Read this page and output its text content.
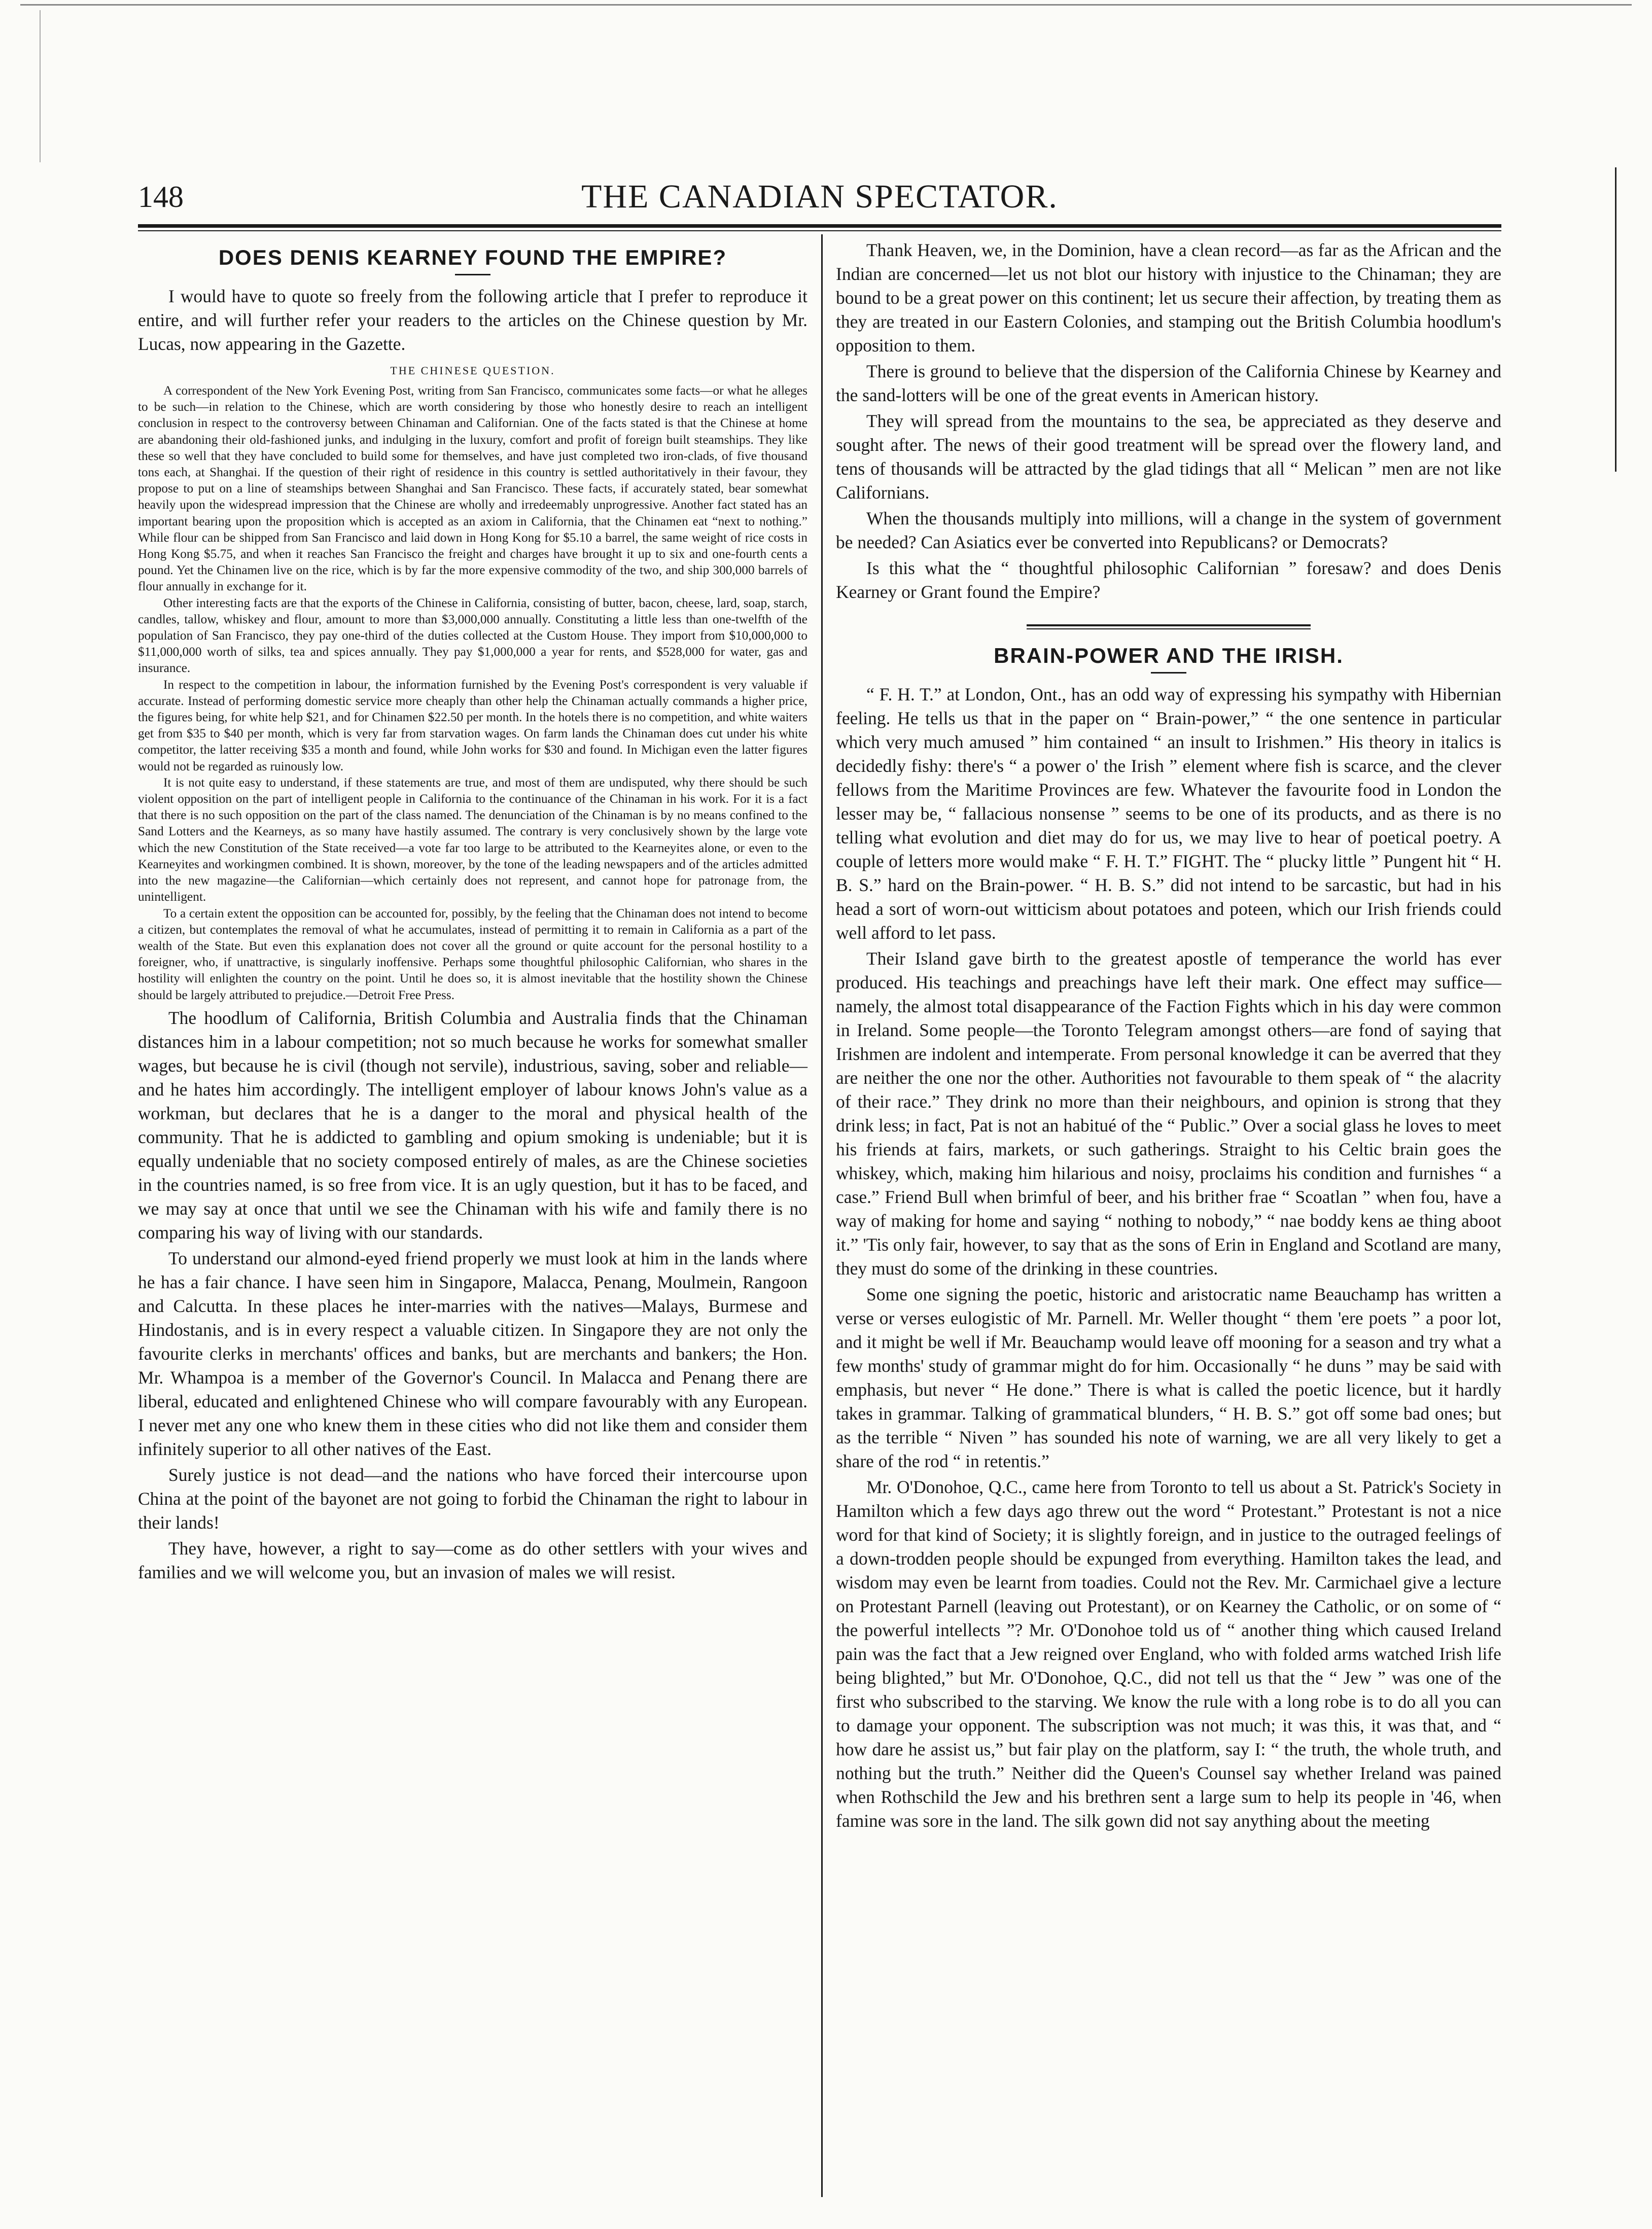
148	THE CANADIAN SPECTATOR.
DOES DENIS KEARNEY FOUND THE EMPIRE?

I would have to quote so freely from the following article that I prefer to reproduce it entire, and will further refer your readers to the articles on the Chinese question by Mr. Lucas, now appearing in the Gazette.

THE CHINESE QUESTION.

A correspondent of the New York Evening Post, writing from San Francisco, communicates some facts—or what he alleges to be such—in relation to the Chinese, which are worth considering by those who honestly desire to reach an intelligent conclusion in respect to the controversy between Chinaman and Californian. One of the facts stated is that the Chinese at home are abandoning their old-fashioned junks, and indulging in the luxury, comfort and profit of foreign built steamships. They like these so well that they have concluded to build some for themselves, and have just completed two iron-clads, of five thousand tons each, at Shanghai. If the question of their right of residence in this country is settled authoritatively in their favour, they propose to put on a line of steamships between Shanghai and San Francisco. These facts, if accurately stated, bear somewhat heavily upon the widespread impression that the Chinese are wholly and irredeemably unprogressive. Another fact stated has an important bearing upon the proposition which is accepted as an axiom in California, that the Chinamen eat “next to nothing.” While flour can be shipped from San Francisco and laid down in Hong Kong for $5.10 a barrel, the same weight of rice costs in Hong Kong $5.75, and when it reaches San Francisco the freight and charges have brought it up to six and one-fourth cents a pound. Yet the Chinamen live on the rice, which is by far the more expensive commodity of the two, and ship 300,000 barrels of flour annually in exchange for it.

Other interesting facts are that the exports of the Chinese in California, consisting of butter, bacon, cheese, lard, soap, starch, candles, tallow, whiskey and flour, amount to more than $3,000,000 annually. Constituting a little less than one-twelfth of the population of San Francisco, they pay one-third of the duties collected at the Custom House. They import from $10,000,000 to $11,000,000 worth of silks, tea and spices annually. They pay $1,000,000 a year for rents, and $528,000 for water, gas and insurance.

In respect to the competition in labour, the information furnished by the Evening Post's correspondent is very valuable if accurate. Instead of performing domestic service more cheaply than other help the Chinaman actually commands a higher price, the figures being, for white help $21, and for Chinamen $22.50 per month. In the hotels there is no competition, and white waiters get from $35 to $40 per month, which is very far from starvation wages. On farm lands the Chinaman does cut under his white competitor, the latter receiving $35 a month and found, while John works for $30 and found. In Michigan even the latter figures would not be regarded as ruinously low.

It is not quite easy to understand, if these statements are true, and most of them are undisputed, why there should be such violent opposition on the part of intelligent people in California to the continuance of the Chinaman in his work. For it is a fact that there is no such opposition on the part of the class named. The denunciation of the Chinaman is by no means confined to the Sand Lotters and the Kearneys, as so many have hastily assumed. The contrary is very conclusively shown by the large vote which the new Constitution of the State received—a vote far too large to be attributed to the Kearneyites alone, or even to the Kearneyites and workingmen combined. It is shown, moreover, by the tone of the leading newspapers and of the articles admitted into the new magazine—the Californian—which certainly does not represent, and cannot hope for patronage from, the unintelligent.

To a certain extent the opposition can be accounted for, possibly, by the feeling that the Chinaman does not intend to become a citizen, but contemplates the removal of what he accumulates, instead of permitting it to remain in California as a part of the wealth of the State. But even this explanation does not cover all the ground or quite account for the personal hostility to a foreigner, who, if unattractive, is singularly inoffensive. Perhaps some thoughtful philosophic Californian, who shares in the hostility will enlighten the country on the point. Until he does so, it is almost inevitable that the hostility shown the Chinese should be largely attributed to prejudice.—Detroit Free Press.

The hoodlum of California, British Columbia and Australia finds that the Chinaman distances him in a labour competition; not so much because he works for somewhat smaller wages, but because he is civil (though not servile), industrious, saving, sober and reliable—and he hates him accordingly. The intelligent employer of labour knows John's value as a workman, but declares that he is a danger to the moral and physical health of the community. That he is addicted to gambling and opium smoking is undeniable; but it is equally undeniable that no society composed entirely of males, as are the Chinese societies in the countries named, is so free from vice. It is an ugly question, but it has to be faced, and we may say at once that until we see the Chinaman with his wife and family there is no comparing his way of living with our standards.

To understand our almond-eyed friend properly we must look at him in the lands where he has a fair chance. I have seen him in Singapore, Malacca, Penang, Moulmein, Rangoon and Calcutta. In these places he inter-marries with the natives—Malays, Burmese and Hindostanis, and is in every respect a valuable citizen. In Singapore they are not only the favourite clerks in merchants' offices and banks, but are merchants and bankers; the Hon. Mr. Whampoa is a member of the Governor's Council. In Malacca and Penang there are liberal, educated and enlightened Chinese who will compare favourably with any European. I never met any one who knew them in these cities who did not like them and consider them infinitely superior to all other natives of the East.

Surely justice is not dead—and the nations who have forced their intercourse upon China at the point of the bayonet are not going to forbid the Chinaman the right to labour in their lands!

They have, however, a right to say—come as do other settlers with your wives and families and we will welcome you, but an invasion of males we will resist.

Thank Heaven, we, in the Dominion, have a clean record—as far as the African and the Indian are concerned—let us not blot our history with injustice to the Chinaman; they are bound to be a great power on this continent; let us secure their affection, by treating them as they are treated in our Eastern Colonies, and stamping out the British Columbia hoodlum's opposition to them.

There is ground to believe that the dispersion of the California Chinese by Kearney and the sand-lotters will be one of the great events in American history.

They will spread from the mountains to the sea, be appreciated as they deserve and sought after. The news of their good treatment will be spread over the flowery land, and tens of thousands will be attracted by the glad tidings that all “ Melican ” men are not like Californians.

When the thousands multiply into millions, will a change in the system of government be needed? Can Asiatics ever be converted into Republicans? or Democrats?

Is this what the “ thoughtful philosophic Californian ” foresaw? and does Denis Kearney or Grant found the Empire?

BRAIN-POWER AND THE IRISH.

“ F. H. T.” at London, Ont., has an odd way of expressing his sympathy with Hibernian feeling. He tells us that in the paper on “ Brain-power,” “ the one sentence in particular which very much amused ” him contained “ an insult to Irishmen.” His theory in italics is decidedly fishy: there's “ a power o' the Irish ” element where fish is scarce, and the clever fellows from the Maritime Provinces are few. Whatever the favourite food in London the lesser may be, “ fallacious nonsense ” seems to be one of its products, and as there is no telling what evolution and diet may do for us, we may live to hear of poetical poetry. A couple of letters more would make “ F. H. T.” FIGHT. The “ plucky little ” Pungent hit “ H. B. S.” hard on the Brain-power. “ H. B. S.” did not intend to be sarcastic, but had in his head a sort of worn-out witticism about potatoes and poteen, which our Irish friends could well afford to let pass.

Their Island gave birth to the greatest apostle of temperance the world has ever produced. His teachings and preachings have left their mark. One effect may suffice—namely, the almost total disappearance of the Faction Fights which in his day were common in Ireland. Some people—the Toronto Telegram amongst others—are fond of saying that Irishmen are indolent and intemperate. From personal knowledge it can be averred that they are neither the one nor the other. Authorities not favourable to them speak of “ the alacrity of their race.” They drink no more than their neighbours, and opinion is strong that they drink less; in fact, Pat is not an habitué of the “ Public.” Over a social glass he loves to meet his friends at fairs, markets, or such gatherings. Straight to his Celtic brain goes the whiskey, which, making him hilarious and noisy, proclaims his condition and furnishes “ a case.” Friend Bull when brimful of beer, and his brither frae “ Scoatlan ” when fou, have a way of making for home and saying “ nothing to nobody,” “ nae boddy kens ae thing aboot it.” 'Tis only fair, however, to say that as the sons of Erin in England and Scotland are many, they must do some of the drinking in these countries.

Some one signing the poetic, historic and aristocratic name Beauchamp has written a verse or verses eulogistic of Mr. Parnell. Mr. Weller thought “ them 'ere poets ” a poor lot, and it might be well if Mr. Beauchamp would leave off mooning for a season and try what a few months' study of grammar might do for him. Occasionally “ he duns ” may be said with emphasis, but never “ He done.” There is what is called the poetic licence, but it hardly takes in grammar. Talking of grammatical blunders, “ H. B. S.” got off some bad ones; but as the terrible “ Niven ” has sounded his note of warning, we are all very likely to get a share of the rod “ in retentis.”

Mr. O'Donohoe, Q.C., came here from Toronto to tell us about a St. Patrick's Society in Hamilton which a few days ago threw out the word “ Protestant.” Protestant is not a nice word for that kind of Society; it is slightly foreign, and in justice to the outraged feelings of a down-trodden people should be expunged from everything. Hamilton takes the lead, and wisdom may even be learnt from toadies. Could not the Rev. Mr. Carmichael give a lecture on Protestant Parnell (leaving out Protestant), or on Kearney the Catholic, or on some of “ the powerful intellects ”? Mr. O'Donohoe told us of “ another thing which caused Ireland pain was the fact that a Jew reigned over England, who with folded arms watched Irish life being blighted,” but Mr. O'Donohoe, Q.C., did not tell us that the “ Jew ” was one of the first who subscribed to the starving. We know the rule with a long robe is to do all you can to damage your opponent. The subscription was not much; it was this, it was that, and “ how dare he assist us,” but fair play on the platform, say I: “ the truth, the whole truth, and nothing but the truth.” Neither did the Queen's Counsel say whether Ireland was pained when Rothschild the Jew and his brethren sent a large sum to help its people in '46, when famine was sore in the land. The silk gown did not say anything about the meeting
